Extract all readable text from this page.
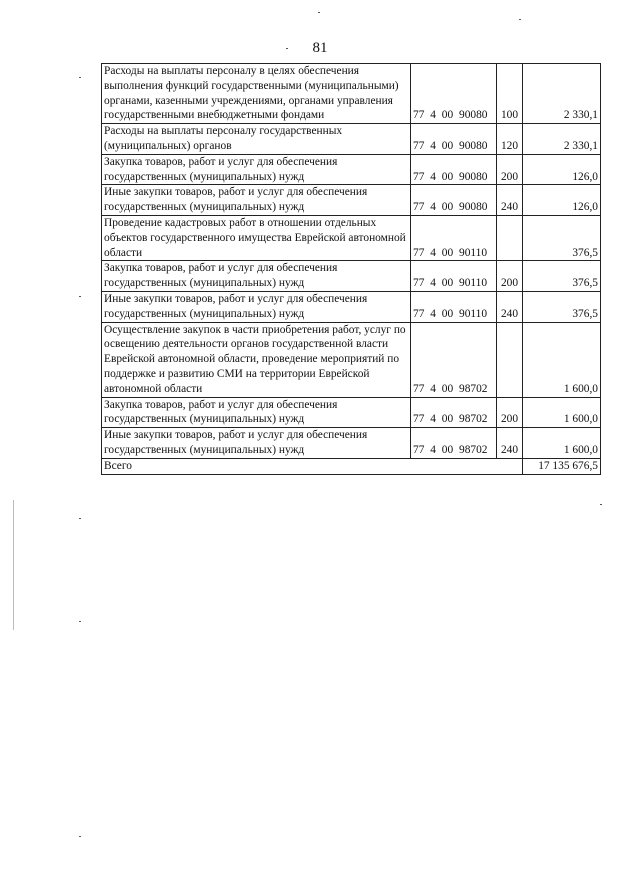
81
Расходы на выплаты персоналу в целях обеспечения выполнения функций государственными (муниципальными) органами, казенными учреждениями, органами управления государственными внебюджетными фондами	77 4 00 90080	100	2 330,1
Расходы на выплаты персоналу государственных (муниципальных) органов	77 4 00 90080	120	2 330,1
Закупка товаров, работ и услуг для обеспечения государственных (муниципальных) нужд	77 4 00 90080	200	126,0
Иные закупки товаров, работ и услуг для обеспечения государственных (муниципальных) нужд	77 4 00 90080	240	126,0
Проведение кадастровых работ в отношении отдельных объектов государственного имущества Еврейской автономной области	77 4 00 90110		376,5
Закупка товаров, работ и услуг для обеспечения государственных (муниципальных) нужд	77 4 00 90110	200	376,5
Иные закупки товаров, работ и услуг для обеспечения государственных (муниципальных) нужд	77 4 00 90110	240	376,5
Осуществление закупок в части приобретения работ, услуг по освещению деятельности органов государственной власти Еврейской автономной области, проведение мероприятий по поддержке и развитию СМИ на территории Еврейской автономной области	77 4 00 98702		1 600,0
Закупка товаров, работ и услуг для обеспечения государственных (муниципальных) нужд	77 4 00 98702	200	1 600,0
Иные закупки товаров, работ и услуг для обеспечения государственных (муниципальных) нужд	77 4 00 98702	240	1 600,0
Всего			17 135 676,5
